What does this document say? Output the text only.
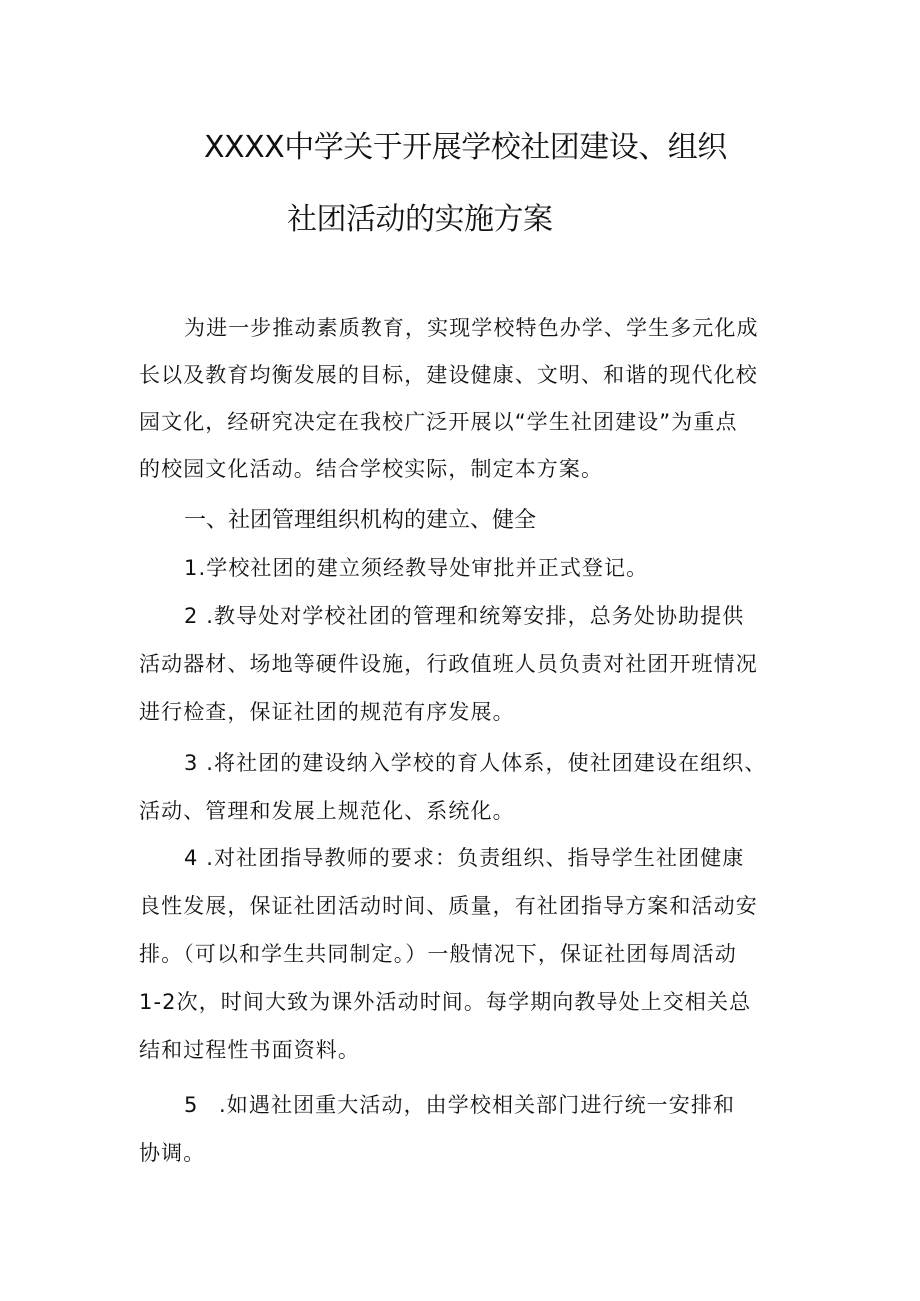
XXXX中学关于开展学校社团建设、组织
社团活动的实施方案
为进一步推动素质教育，实现学校特色办学、学生多元化成
长以及教育均衡发展的目标，建设健康、文明、和谐的现代化校
园文化，经研究决定在我校广泛开展以“学生社团建设”为重点
的校园文化活动。结合学校实际，制定本方案。
一、社团管理组织机构的建立、健全
1.学校社团的建立须经教导处审批并正式登记。
2 .教导处对学校社团的管理和统筹安排，总务处协助提供
活动器材、场地等硬件设施，行政值班人员负责对社团开班情况
进行检查，保证社团的规范有序发展。
3 .将社团的建设纳入学校的育人体系，使社团建设在组织、
活动、管理和发展上规范化、系统化。
4 .对社团指导教师的要求：负责组织、指导学生社团健康
良性发展，保证社团活动时间、质量，有社团指导方案和活动安
排。（可以和学生共同制定。）一般情况下，保证社团每周活动
1-2次，时间大致为课外活动时间。每学期向教导处上交相关总
结和过程性书面资料。
5 .如遇社团重大活动，由学校相关部门进行统一安排和
协调。
